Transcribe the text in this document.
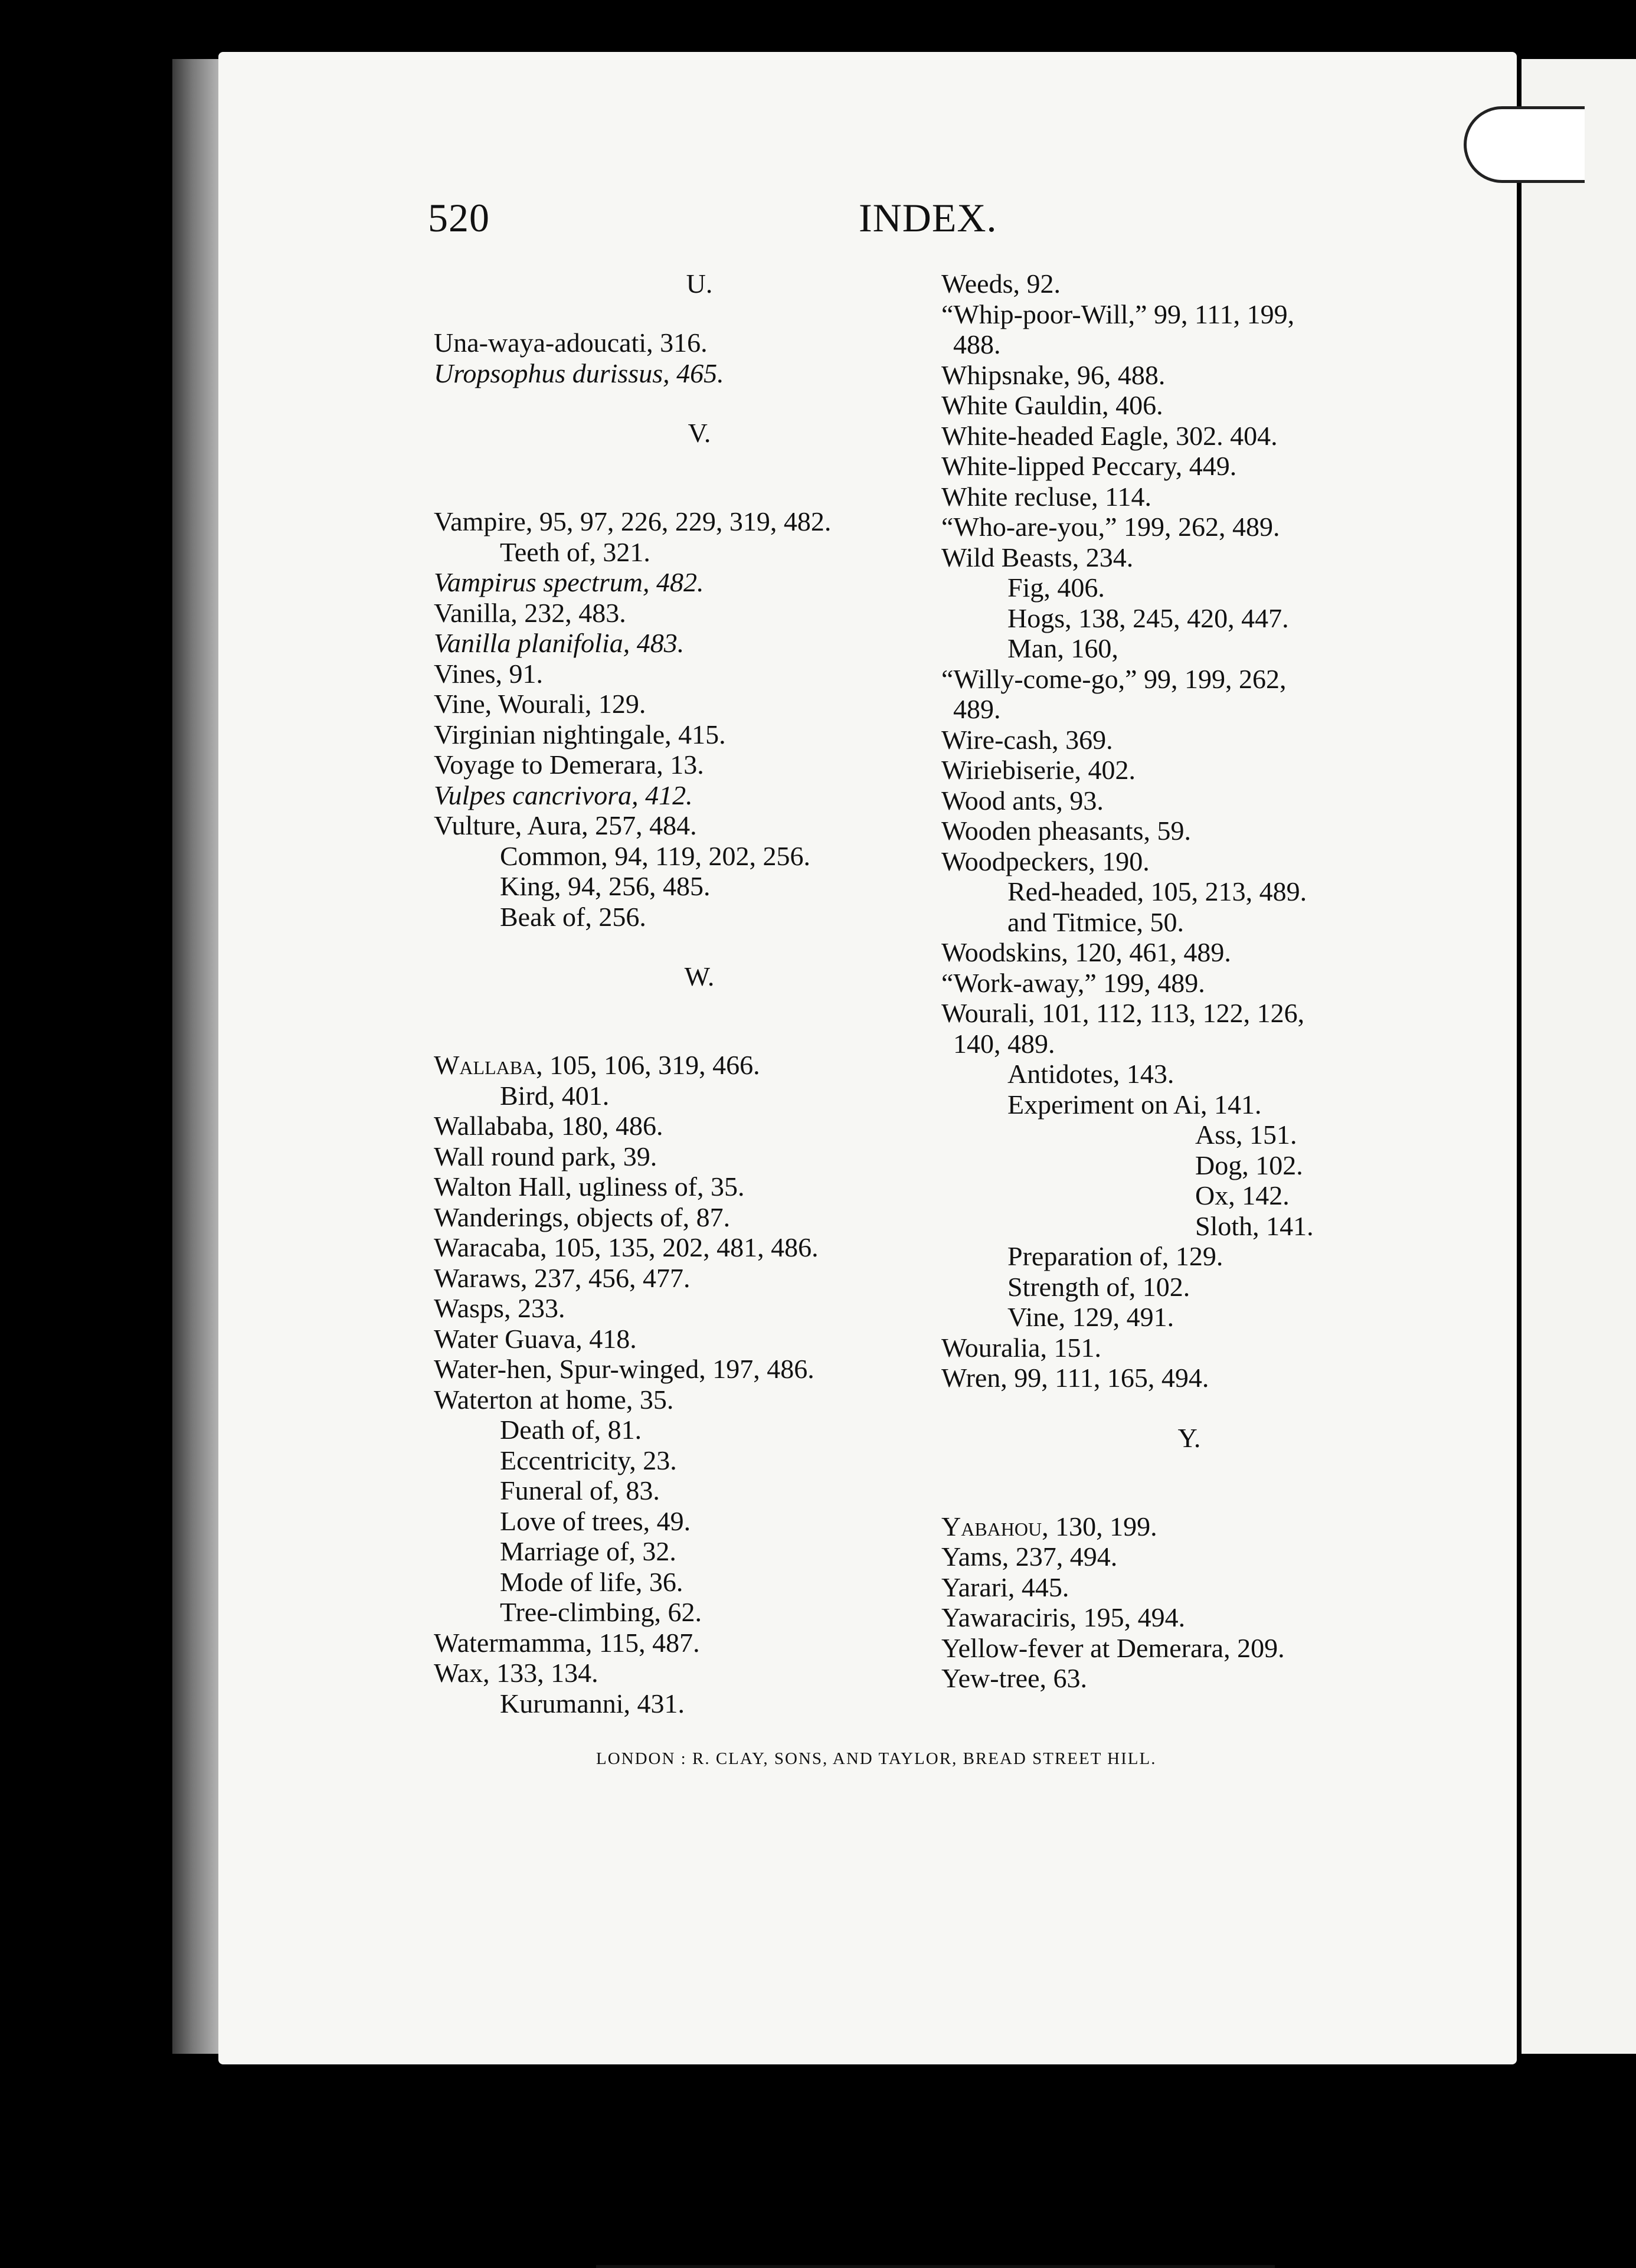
520	INDEX.
U.
Una-waya-adoucati, 316.
Uropsophus durissus, 465.
V.
Vampire, 95, 97, 226, 229, 319, 482.
Teeth of, 321.
Vampirus spectrum, 482.
Vanilla, 232, 483.
Vanilla planifolia, 483.
Vines, 91.
Vine, Wourali, 129.
Virginian nightingale, 415.
Voyage to Demerara, 13.
Vulpes cancrivora, 412.
Vulture, Aura, 257, 484.
Common, 94, 119, 202, 256.
King, 94, 256, 485.
Beak of, 256.
W.
Wallaba, 105, 106, 319, 466.
Bird, 401.
Wallababa, 180, 486.
Wall round park, 39.
Walton Hall, ugliness of, 35.
Wanderings, objects of, 87.
Waracaba, 105, 135, 202, 481, 486.
Waraws, 237, 456, 477.
Wasps, 233.
Water Guava, 418.
Water-hen, Spur-winged, 197, 486.
Waterton at home, 35.
Death of, 81.
Eccentricity, 23.
Funeral of, 83.
Love of trees, 49.
Marriage of, 32.
Mode of life, 36.
Tree-climbing, 62.
Watermamma, 115, 487.
Wax, 133, 134.
Kurumanni, 431.
Weeds, 92.
“Whip-poor-Will,” 99, 111, 199,
488.
Whipsnake, 96, 488.
White Gauldin, 406.
White-headed Eagle, 302. 404.
White-lipped Peccary, 449.
White recluse, 114.
“Who-are-you,” 199, 262, 489.
Wild Beasts, 234.
Fig, 406.
Hogs, 138, 245, 420, 447.
Man, 160,
“Willy-come-go,” 99, 199, 262,
489.
Wire-cash, 369.
Wiriebiserie, 402.
Wood ants, 93.
Wooden pheasants, 59.
Woodpeckers, 190.
Red-headed, 105, 213, 489.
and Titmice, 50.
Woodskins, 120, 461, 489.
“Work-away,” 199, 489.
Wourali, 101, 112, 113, 122, 126,
140, 489.
Antidotes, 143.
Experiment on Ai, 141.
Ass, 151.
Dog, 102.
Ox, 142.
Sloth, 141.
Preparation of, 129.
Strength of, 102.
Vine, 129, 491.
Wouralia, 151.
Wren, 99, 111, 165, 494.
Y.
Yabahou, 130, 199.
Yams, 237, 494.
Yarari, 445.
Yawaraciris, 195, 494.
Yellow-fever at Demerara, 209.
Yew-tree, 63.
LONDON : R. CLAY, SONS, AND TAYLOR, BREAD STREET HILL.
